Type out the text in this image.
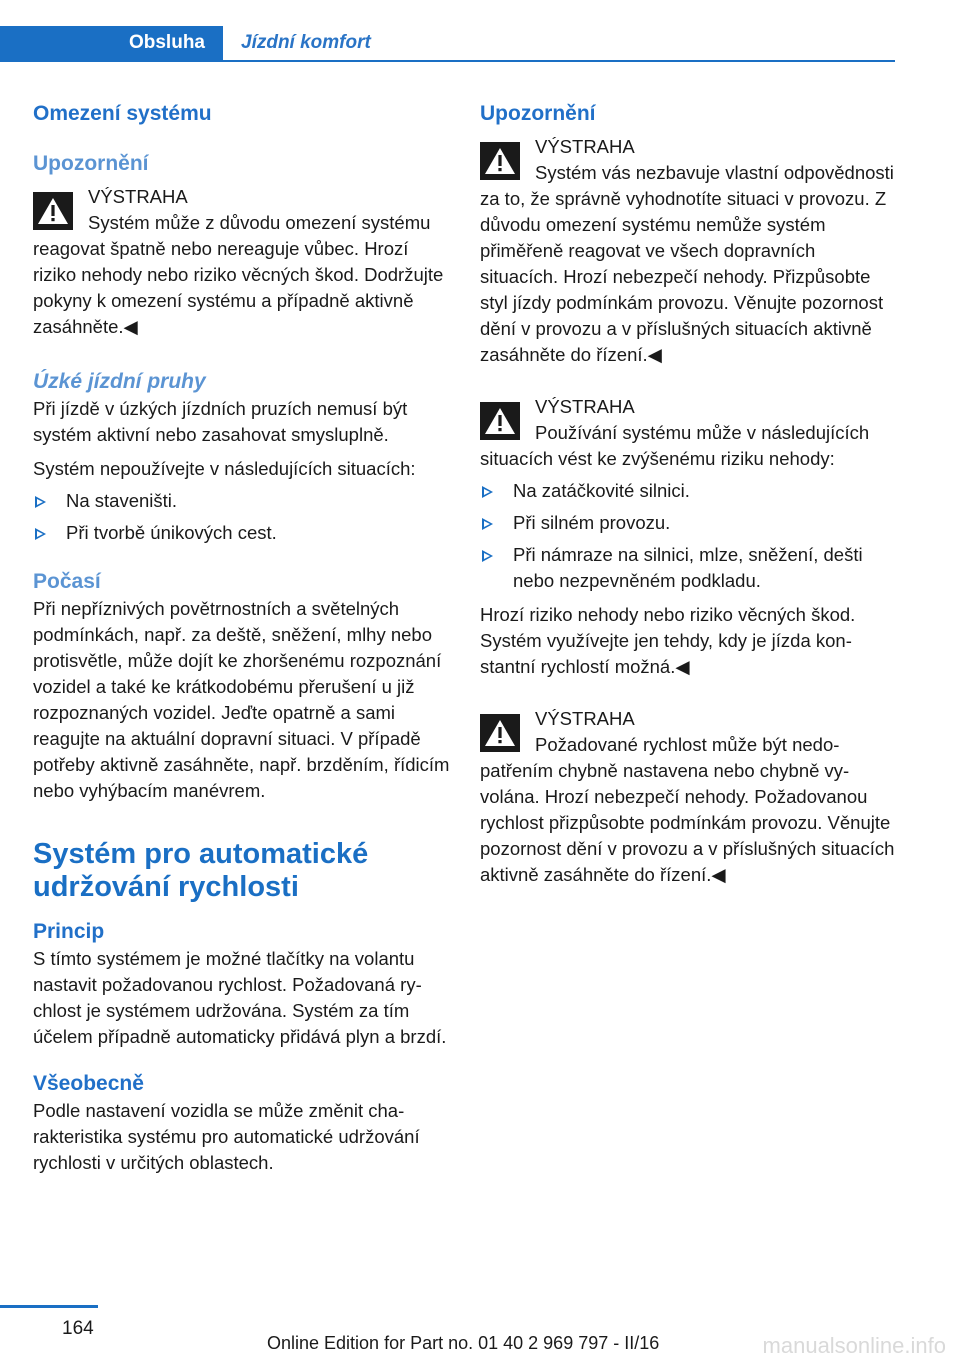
Obsluha	Jízdní komfort
Omezení systému
Upozornění

VÝSTRAHA
Systém může z důvodu omezení systému reagovat špatně nebo nereaguje vůbec. Hrozí riziko nehody nebo riziko věcných škod. Dodržujte pokyny k omezení systému a případně aktivně zasáhněte.◀

Úzké jízdní pruhy

Při jízdě v úzkých jízdních pruzích nemusí být systém aktivní nebo zasahovat smysluplně.

Systém nepoužívejte v následujících situacích:

Na staveništi.
Při tvorbě únikových cest.
Počasí

Při nepříznivých povětrnostních a světelných podmínkách, např. za deště, sněžení, mlhy nebo protisvětle, může dojít ke zhoršenému rozpoznání vozidel a také ke krátkodobému přerušení u již rozpoznaných vozidel. Jeďte opatrně a sami reagujte na aktuální dopravní situaci. V případě potřeby aktivně zasáhněte, např. brzděním, řídicím nebo vyhýbacím manévrem.

Systém pro automatické udržování rychlosti
Princip

S tímto systémem je možné tlačítky na volantu nastavit požadovanou rychlost. Požadovaná rychlost je systémem udržována. Systém za tím účelem případně automaticky přidává plyn a brzdí.

Všeobecně

Podle nastavení vozidla se může změnit charakteristika systému pro automatické udržování rychlosti v určitých oblastech.

Upozornění

VÝSTRAHA
Systém vás nezbavuje vlastní odpovědnosti za to, že správně vyhodnotíte situaci v provozu. Z důvodu omezení systému nemůže systém přiměřeně reagovat ve všech dopravních situacích. Hrozí nebezpečí nehody. Přizpůsobte styl jízdy podmínkám provozu. Věnujte pozornost dění v provozu a v příslušných situacích aktivně zasáhněte do řízení.◀

VÝSTRAHA
Používání systému může v následujících situacích vést ke zvýšenému riziku nehody:

Na zatáčkovité silnici.
Při silném provozu.
Při námraze na silnici, mlze, sněžení, dešti nebo nezpevněném podkladu.

Hrozí riziko nehody nebo riziko věcných škod. Systém využívejte jen tehdy, kdy je jízda konstantní rychlostí možná.◀

VÝSTRAHA
Požadované rychlost může být nedopatřením chybně nastavena nebo chybně vyvolána. Hrozí nebezpečí nehody. Požadovanou rychlost přizpůsobte podmínkám provozu. Věnujte pozornost dění v provozu a v příslušných situacích aktivně zasáhněte do řízení.◀

164
Online Edition for Part no. 01 40 2 969 797 - II/16	manualsonline.info
